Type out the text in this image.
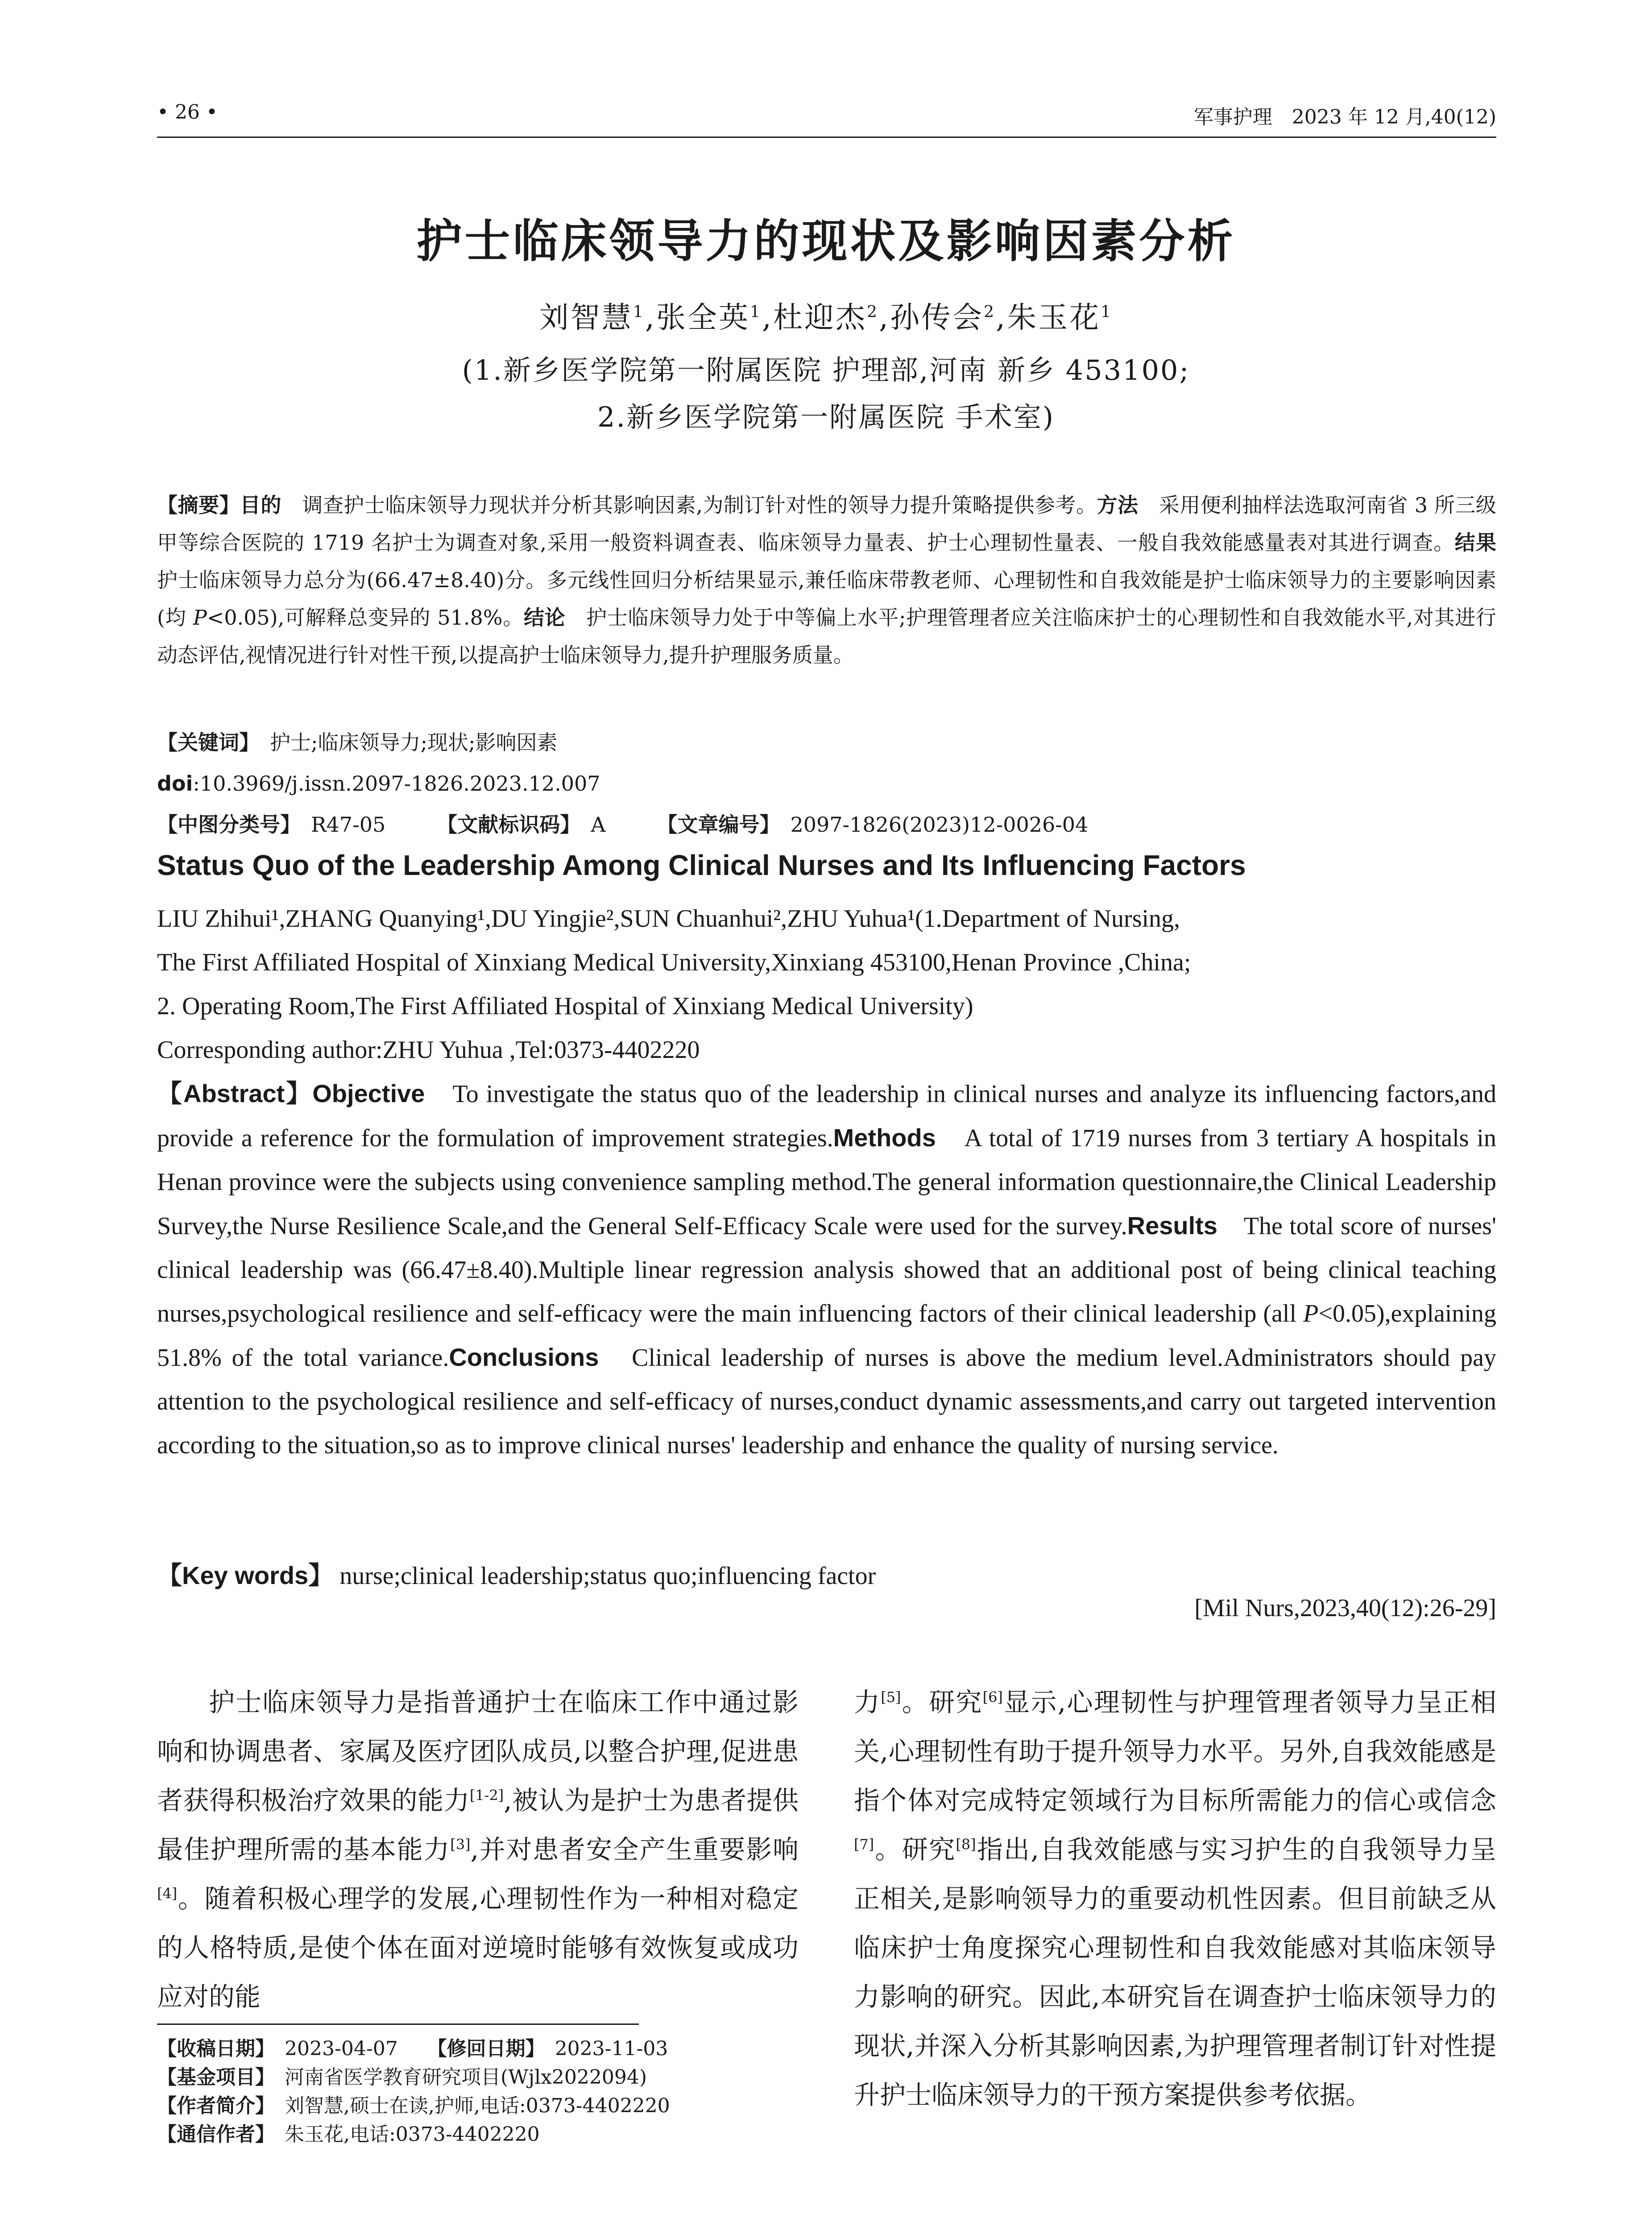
• 26 •	军事护理　2023 年 12 月,40(12)
护士临床领导力的现状及影响因素分析
刘智慧$^1$,张全英$^1$,杜迎杰$^2$,孙传会$^2$,朱玉花$^1$
(1.新乡医学院第一附属医院 护理部,河南 新乡 453100;
2.新乡医学院第一附属医院 手术室)
【摘要】目的　 调查护士临床领导力现状并分析其影响因素,为制订针对性的领导力提升策略提供参考。方法　 采用便利抽样法选取河南省 3 所三级甲等综合医院的 1719 名护士为调查对象,采用一般资料调查表、临床领导力量表、护士心理韧性量表、一般自我效能感量表对其进行调查。结果　护士临床领导力总分为(66.47±8.40)分。多元线性回归分析结果显示,兼任临床带教老师、心理韧性和自我效能是护士临床领导力的主要影响因素(均 P<0.05),可解释总变异的 51.8%。结论　 护士临床领导力处于中等偏上水平;护理管理者应关注临床护士的心理韧性和自我效能水平,对其进行动态评估,视情况进行针对性干预,以提高护士临床领导力,提升护理服务质量。
【关键词】　 护士;临床领导力;现状;影响因素
doi:10.3969/j.issn.2097-1826.2023.12.007
【中图分类号】　 R47-05　　　	【文献标识码】　 A　　　	【文章编号】　 2097-1826(2023)12-0026-04
Status Quo of the Leadership Among Clinical Nurses and Its Influencing Factors
LIU Zhihui¹,ZHANG Quanying¹,DU Yingjie²,SUN Chuanhui²,ZHU Yuhua¹(1.Department of Nursing,
The First Affiliated Hospital of Xinxiang Medical University,Xinxiang 453100,Henan Province ,China;
2. Operating Room,The First Affiliated Hospital of Xinxiang Medical University)
Corresponding author:ZHU Yuhua ,Tel:0373-4402220
【Abstract】Objective　 To investigate the status quo of the leadership in clinical nurses and analyze its influencing factors,and provide a reference for the formulation of improvement strategies.Methods　 A total of 1719 nurses from 3 tertiary A hospitals in Henan province were the subjects using convenience sampling method.The general information questionnaire,the Clinical Leadership Survey,the Nurse Resilience Scale,and the General Self-Efficacy Scale were used for the survey.Results　 The total score of nurses' clinical leadership was (66.47±8.40).Multiple linear regression analysis showed that an additional post of being clinical teaching nurses,psychological resilience and self-efficacy were the main influencing factors of their clinical leadership (all P<0.05),explaining 51.8% of the total variance.Conclusions　 Clinical leadership of nurses is above the medium level.Administrators should pay attention to the psychological resilience and self-efficacy of nurses,conduct dynamic assessments,and carry out targeted intervention according to the situation,so as to improve clinical nurses' leadership and enhance the quality of nursing service.
【Key words】 nurse;clinical leadership;status quo;influencing factor
[Mil Nurs,2023,40(12):26-29]
护士临床领导力是指普通护士在临床工作中通过影响和协调患者、家属及医疗团队成员,以整合护理,促进患者获得积极治疗效果的能力[1-2],被认为是护士为患者提供最佳护理所需的基本能力[3],并对患者安全产生重要影响[4]。随着积极心理学的发展,心理韧性作为一种相对稳定的人格特质,是使个体在面对逆境时能够有效恢复或成功应对的能
力[5]。研究[6]显示,心理韧性与护理管理者领导力呈正相关,心理韧性有助于提升领导力水平。另外,自我效能感是指个体对完成特定领域行为目标所需能力的信心或信念[7]。研究[8]指出,自我效能感与实习护生的自我领导力呈正相关,是影响领导力的重要动机性因素。但目前缺乏从临床护士角度探究心理韧性和自我效能感对其临床领导力影响的研究。因此,本研究旨在调查护士临床领导力的现状,并深入分析其影响因素,为护理管理者制订针对性提升护士临床领导力的干预方案提供参考依据。
【收稿日期】　 2023-04-07　　 【修回日期】　 2023-11-03
【基金项目】　 河南省医学教育研究项目(Wjlx2022094)
【作者简介】　 刘智慧,硕士在读,护师,电话:0373-4402220
【通信作者】　 朱玉花,电话:0373-4402220
